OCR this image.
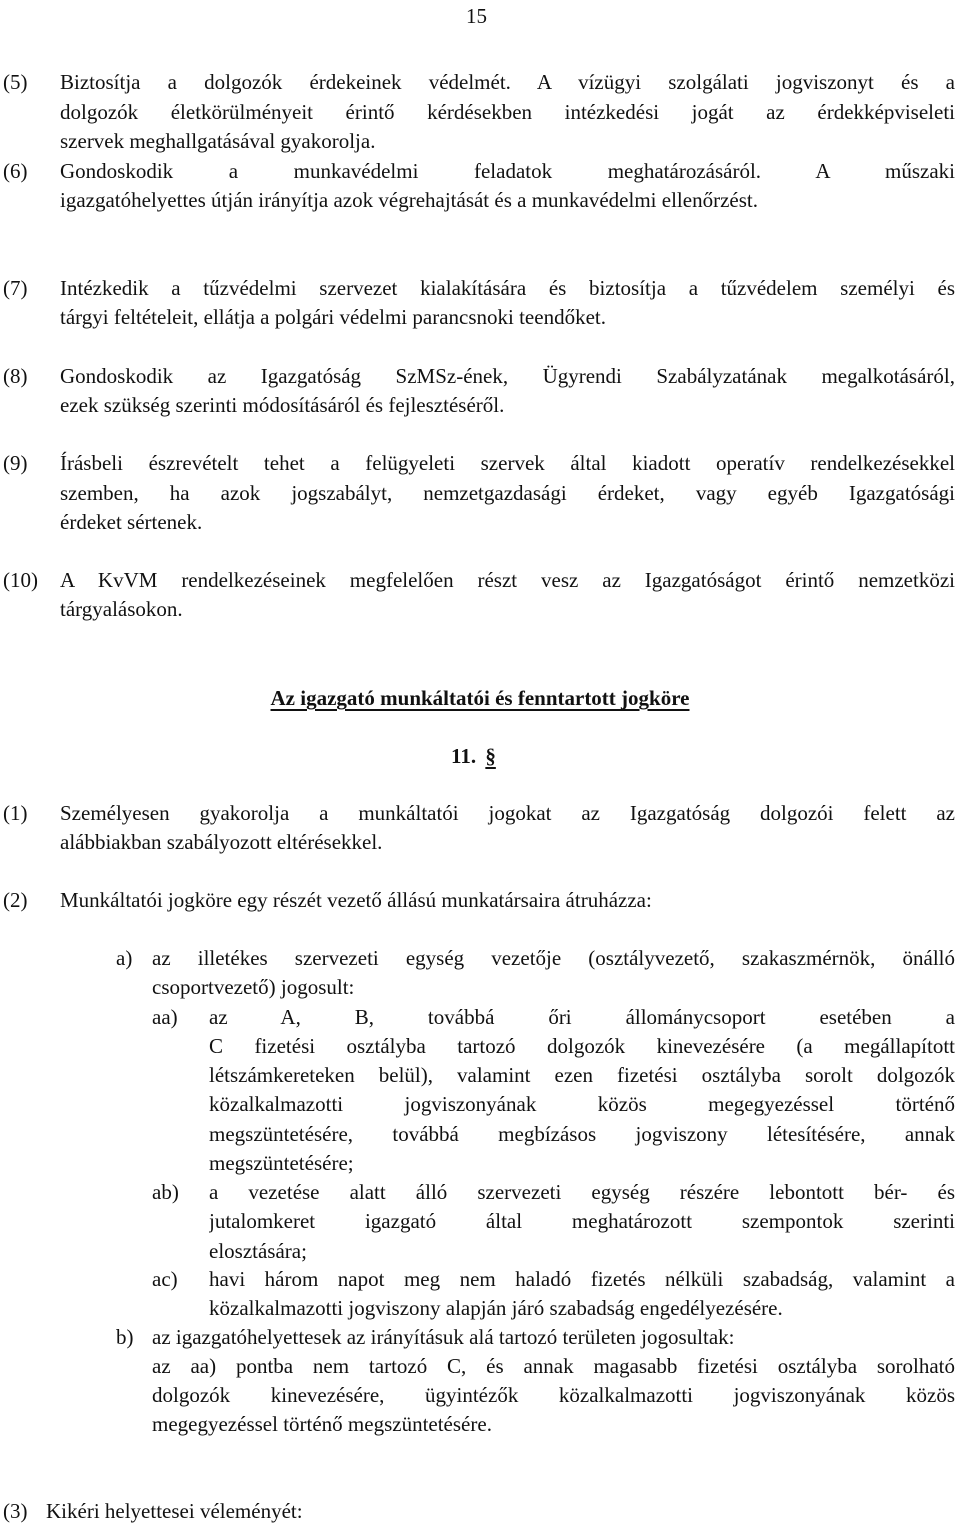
15
(5) Biztosítja a dolgozók érdekeinek védelmét. A vízügyi szolgálati jogviszonyt és a
dolgozók életkörülményeit érintő kérdésekben intézkedési jogát az érdekképviseleti
szervek meghallgatásával gyakorolja.
(6) Gondoskodik a munkavédelmi feladatok meghatározásáról. A műszaki
igazgatóhelyettes útján irányítja azok végrehajtását és a munkavédelmi ellenőrzést.
(7) Intézkedik a tűzvédelmi szervezet kialakítására és biztosítja a tűzvédelem személyi és
tárgyi feltételeit, ellátja a polgári védelmi parancsnoki teendőket.
(8) Gondoskodik az Igazgatóság SzMSz-ének, Ügyrendi Szabályzatának megalkotásáról,
ezek szükség szerinti módosításáról és fejlesztéséről.
(9) Írásbeli észrevételt tehet a felügyeleti szervek által kiadott operatív rendelkezésekkel
szemben, ha azok jogszabályt, nemzetgazdasági érdeket, vagy egyéb Igazgatósági
érdeket sértenek.
(10) A KvVM rendelkezéseinek megfelelően részt vesz az Igazgatóságot érintő nemzetközi
tárgyalásokon.
Az igazgató munkáltatói és fenntartott jogköre
11. §
(1) Személyesen gyakorolja a munkáltatói jogokat az Igazgatóság dolgozói felett az
alábbiakban szabályozott eltérésekkel.
(2) Munkáltatói jogköre egy részét vezető állású munkatársaira átruházza:
a) az illetékes szervezeti egység vezetője (osztályvezető, szakaszmérnök, önálló
csoportvezető) jogosult:
aa) az A, B, továbbá őri állománycsoport esetében a
C fizetési osztályba tartozó dolgozók kinevezésére (a megállapított
létszámkereteken belül), valamint ezen fizetési osztályba sorolt dolgozók
közalkalmazotti jogviszonyának közös megegyezéssel történő
megszüntetésére, továbbá megbízásos jogviszony létesítésére, annak
megszüntetésére;
ab) a vezetése alatt álló szervezeti egység részére lebontott bér- és
jutalomkeret igazgató által meghatározott szempontok szerinti
elosztására;
ac) havi három napot meg nem haladó fizetés nélküli szabadság, valamint a
közalkalmazotti jogviszony alapján járó szabadság engedélyezésére.
b) az igazgatóhelyettesek az irányításuk alá tartozó területen jogosultak:
az aa) pontba nem tartozó C, és annak magasabb fizetési osztályba sorolható
dolgozók kinevezésére, ügyintézők közalkalmazotti jogviszonyának közös
megegyezéssel történő megszüntetésére.
(3) Kikéri helyettesei véleményét:
